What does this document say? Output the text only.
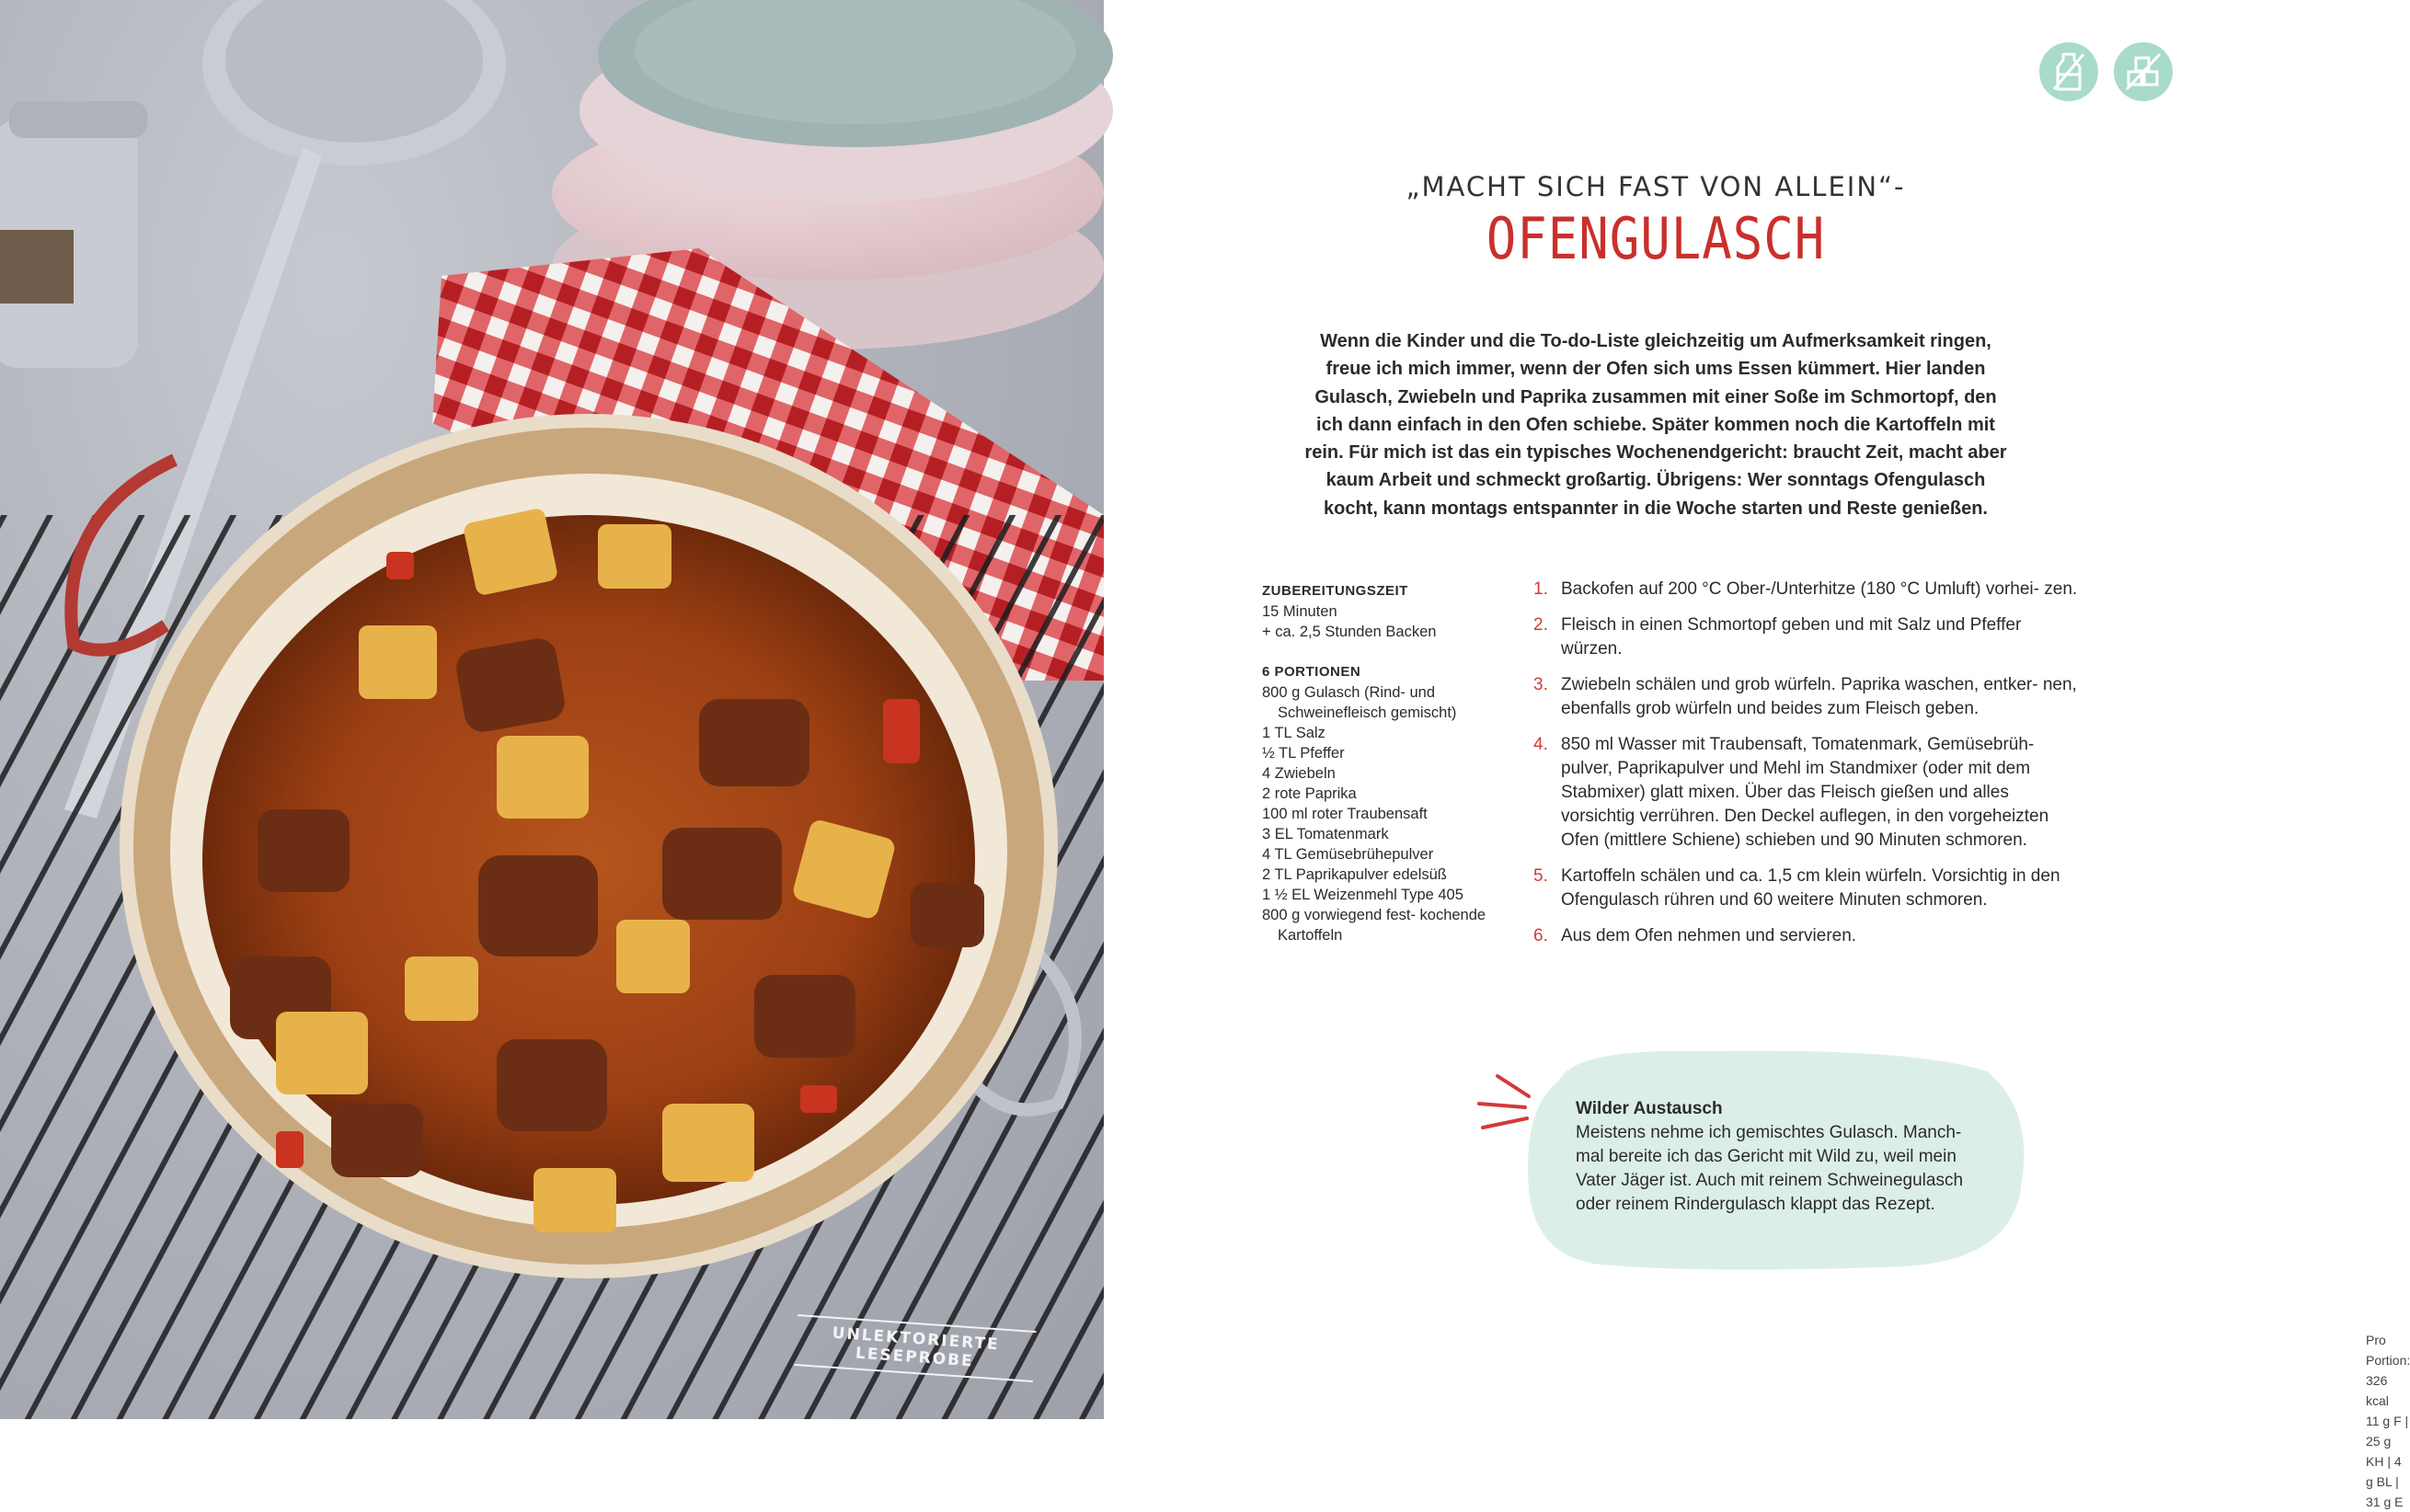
UNLEKTORIERTE LESEPROBE
„MACHT SICH FAST VON ALLEIN“-
OFENGULASCH
Wenn die Kinder und die To-do-Liste gleichzeitig um Aufmerksamkeit ringen, freue ich mich immer, wenn der Ofen sich ums Essen kümmert. Hier landen Gulasch, Zwiebeln und Paprika zusammen mit einer Soße im Schmortopf, den ich dann einfach in den Ofen schiebe. Später kommen noch die Kartoffeln mit rein. Für mich ist das ein typisches Wochenendgericht: braucht Zeit, macht aber kaum Arbeit und schmeckt großartig. Übrigens: Wer sonntags Ofengulasch kocht, kann montags entspannter in die Woche starten und Reste genießen.
ZUBEREITUNGSZEIT
15 Minuten
+ ca. 2,5 Stunden Backen
6 PORTIONEN
800 g Gulasch (Rind- und Schweinefleisch gemischt)
1 TL Salz
½ TL Pfeffer
4 Zwiebeln
2 rote Paprika
100 ml roter Traubensaft
3 EL Tomatenmark
4 TL Gemüsebrühepulver
2 TL Paprikapulver edelsüß
1 ½ EL Weizenmehl Type 405
800 g vorwiegend fest- kochende Kartoffeln
Pro Portion: 326 kcal
11 g F | 25 g KH | 4 g BL | 31 g E
1. Backofen auf 200 °C Ober-/Unterhitze (180 °C Umluft) vorhei- zen.
2. Fleisch in einen Schmortopf geben und mit Salz und Pfeffer würzen.
3. Zwiebeln schälen und grob würfeln. Paprika waschen, entker- nen, ebenfalls grob würfeln und beides zum Fleisch geben.
4. 850 ml Wasser mit Traubensaft, Tomatenmark, Gemüsebrüh- pulver, Paprikapulver und Mehl im Standmixer (oder mit dem Stabmixer) glatt mixen. Über das Fleisch gießen und alles vorsichtig verrühren. Den Deckel auflegen, in den vorgeheizten Ofen (mittlere Schiene) schieben und 90 Minuten schmoren.
5. Kartoffeln schälen und ca. 1,5 cm klein würfeln. Vorsichtig in den Ofengulasch rühren und 60 weitere Minuten schmoren.
6. Aus dem Ofen nehmen und servieren.
Wilder Austausch
Meistens nehme ich gemischtes Gulasch. Manch- mal bereite ich das Gericht mit Wild zu, weil mein Vater Jäger ist. Auch mit reinem Schweinegulasch oder reinem Rindergulasch klappt das Rezept.
